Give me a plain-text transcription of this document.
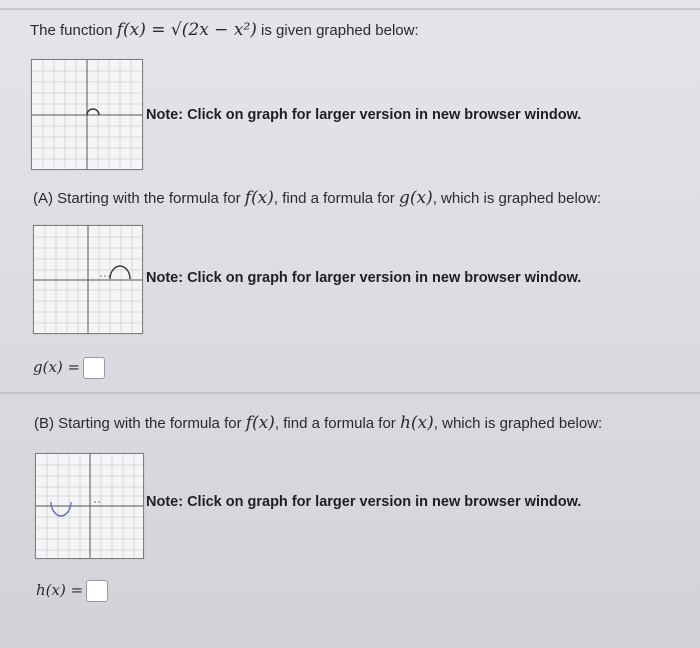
The function f(x) = √(2x − x²) is given graphed below:
Note: Click on graph for larger version in new browser window.
(A) Starting with the formula for f(x), find a formula for g(x), which is graphed below:
Note: Click on graph for larger version in new browser window.
g(x) =
(B) Starting with the formula for f(x), find a formula for h(x), which is graphed below:
Note: Click on graph for larger version in new browser window.
h(x) =
